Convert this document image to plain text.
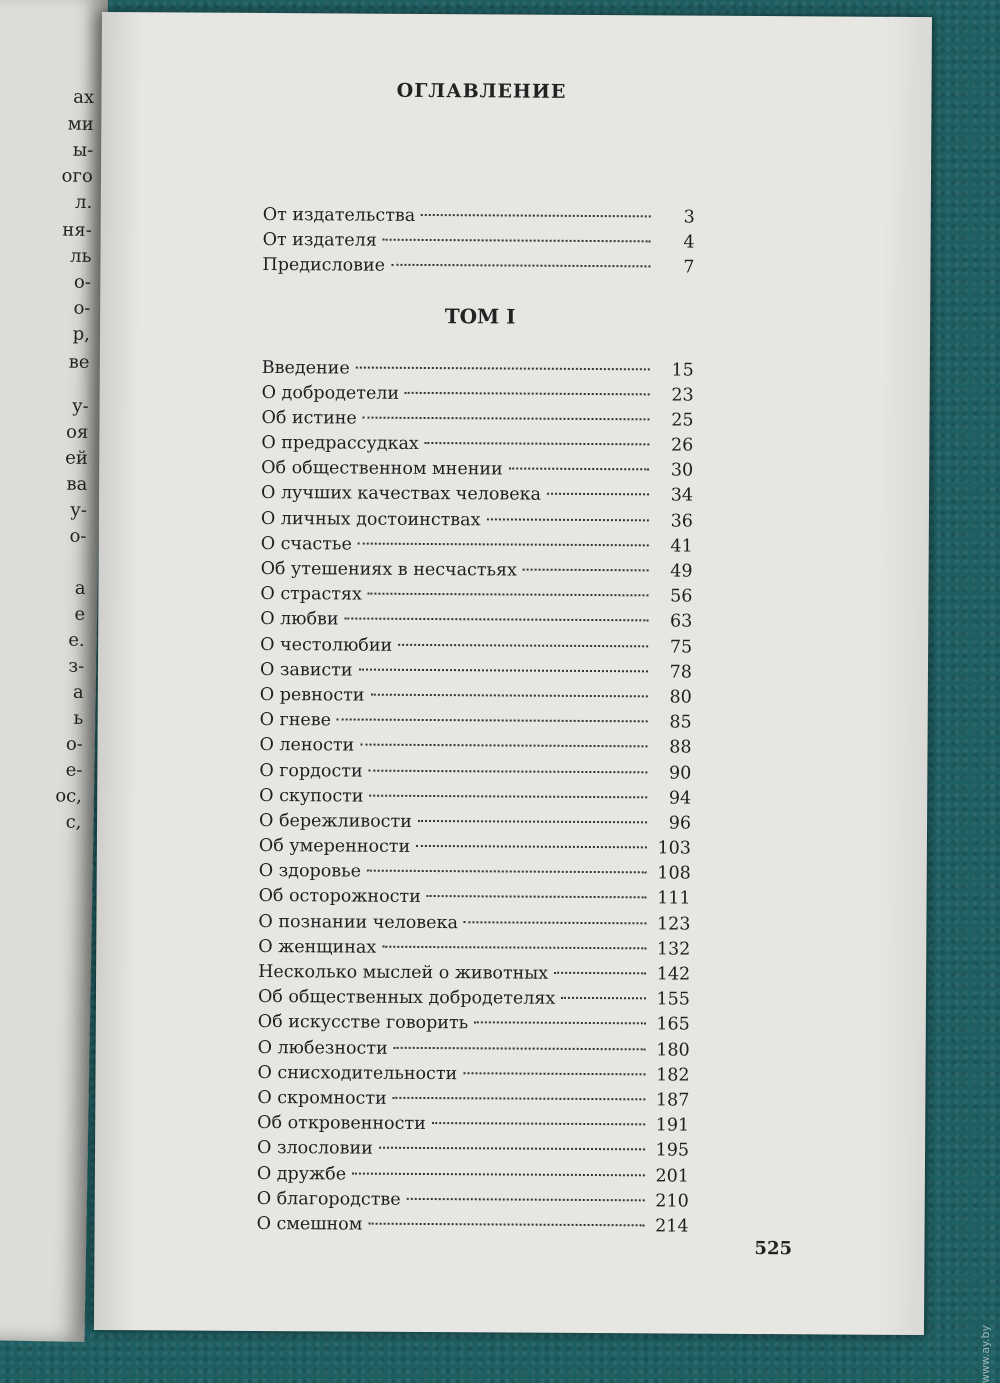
ах
ми
ы-
ого
л.
ня-
ль
о-
о-
р,
ве
у-
оя
ей
ва
у-
о-
а
е
е.
з-
а
ь
о-
е-
ос,
с,
ОГЛАВЛЕНИЕ
От издательства	3
От издателя	4
Предисловие	7
ТОМ I
Введение	15
О добродетели	23
Об истине	25
О предрассудках	26
Об общественном мнении	30
О лучших качествах человека	34
О личных достоинствах	36
О счастье	41
Об утешениях в несчастьях	49
О страстях	56
О любви	63
О честолюбии	75
О зависти	78
О ревности	80
О гневе	85
О лености	88
О гордости	90
О скупости	94
О бережливости	96
Об умеренности	103
О здоровье	108
Об осторожности	111
О познании человека	123
О женщинах	132
Несколько мыслей о животных	142
Об общественных добродетелях	155
Об искусстве говорить	165
О любезности	180
О снисходительности	182
О скромности	187
Об откровенности	191
О злословии	195
О дружбе	201
О благородстве	210
О смешном	214
525
www.ay.by
